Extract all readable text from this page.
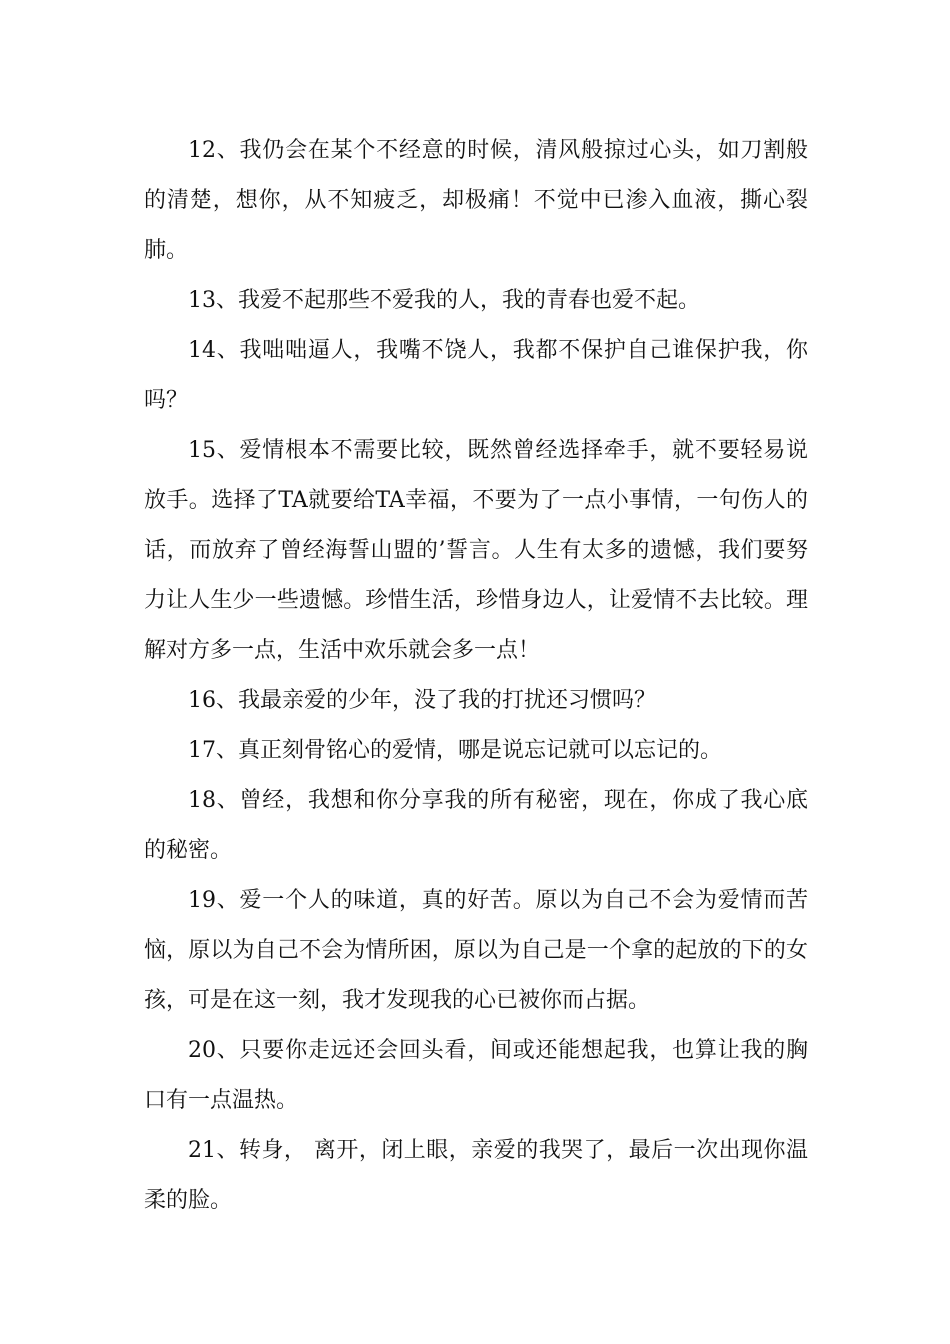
12、我仍会在某个不经意的时候，清风般掠过心头，如刀割般的清楚，想你，从不知疲乏，却极痛！不觉中已渗入血液，撕心裂肺。

13、我爱不起那些不爱我的人，我的青春也爱不起。

14、我咄咄逼人，我嘴不饶人，我都不保护自己谁保护我，你吗？

15、爱情根本不需要比较，既然曾经选择牵手，就不要轻易说放手。选择了TA就要给TA幸福，不要为了一点小事情，一句伤人的话，而放弃了曾经海誓山盟的’誓言。人生有太多的遗憾，我们要努力让人生少一些遗憾。珍惜生活，珍惜身边人，让爱情不去比较。理解对方多一点，生活中欢乐就会多一点！

16、我最亲爱的少年，没了我的打扰还习惯吗？

17、真正刻骨铭心的爱情，哪是说忘记就可以忘记的。

18、曾经，我想和你分享我的所有秘密，现在，你成了我心底的秘密。

19、爱一个人的味道，真的好苦。原以为自己不会为爱情而苦恼，原以为自己不会为情所困，原以为自己是一个拿的起放的下的女孩，可是在这一刻，我才发现我的心已被你而占据。

20、只要你走远还会回头看，间或还能想起我，也算让我的胸口有一点温热。

21、转身， 离开，闭上眼，亲爱的我哭了，最后一次出现你温柔的脸。
